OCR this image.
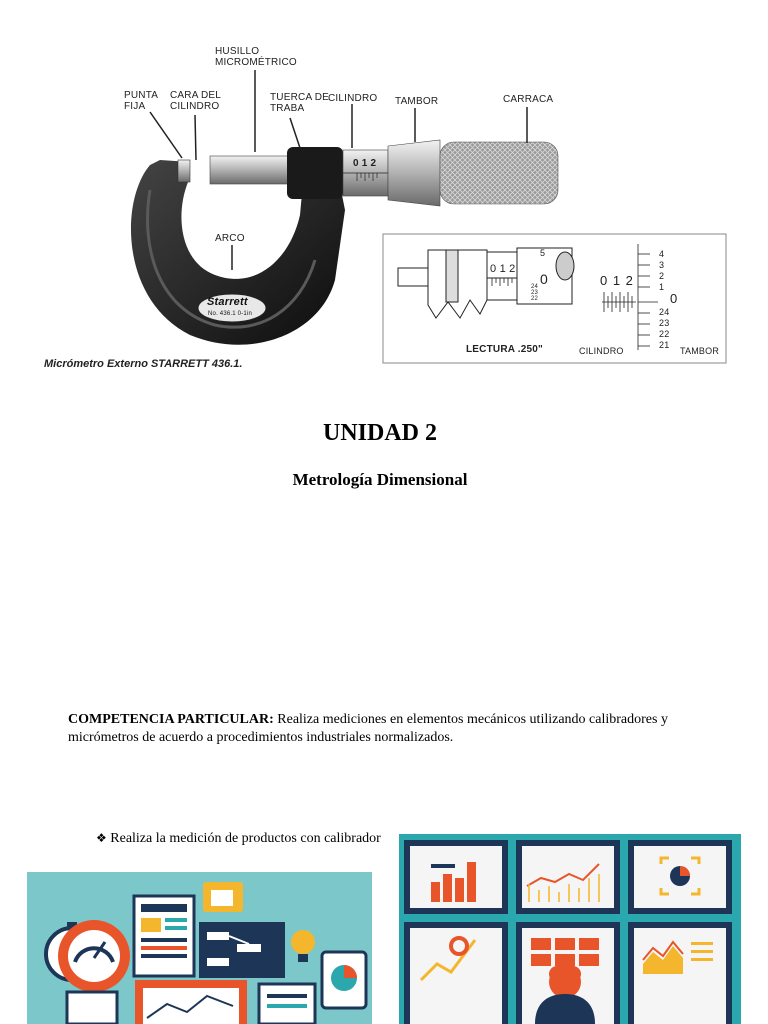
HUSILLO MICROMÉTRICO
PUNTA FIJA
CARA DEL CILINDRO
TUERCA DE TRABA
CILINDRO TAMBOR	CARRACA
ARCO
0 1 2
Starrett
No. 436.1 0-1in
Micrómetro Externo STARRETT 436.1.
0 1 2
0
5
24
23
22
0 1 2
0
4
3
2
1
24
23
22
21
LECTURA .250"	CILINDRO	TAMBOR
UNIDAD 2
Metrología Dimensional
COMPETENCIA PARTICULAR: Realiza mediciones en elementos mecánicos utilizando calibradores y micrómetros de acuerdo a procedimientos industriales normalizados.
❖ Realiza la medición de productos con calibrador
